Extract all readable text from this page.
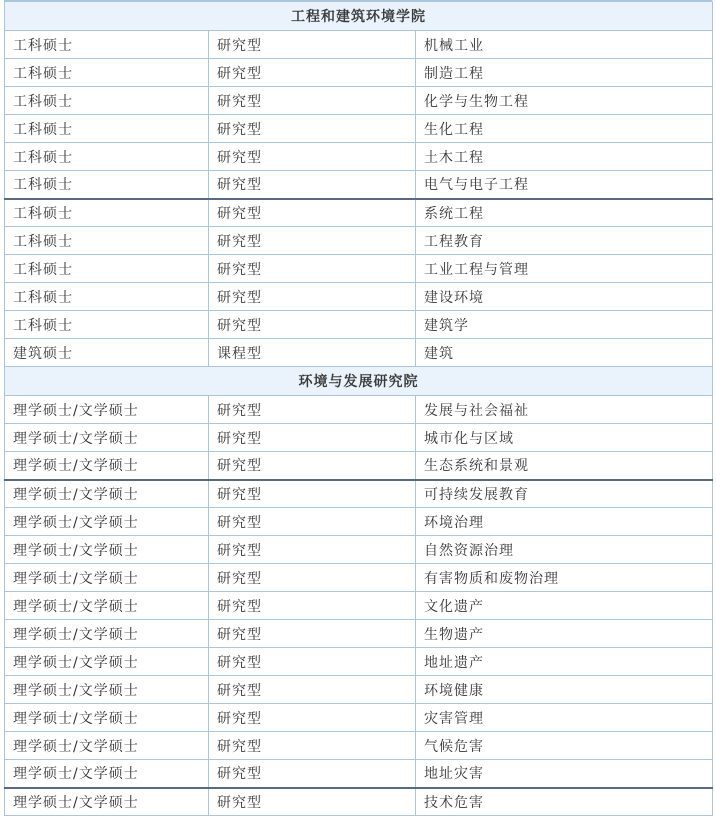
工程和建筑环境学院		
工科硕士	研究型	机械工业
工科硕士	研究型	制造工程
工科硕士	研究型	化学与生物工程
工科硕士	研究型	生化工程
工科硕士	研究型	土木工程
工科硕士	研究型	电气与电子工程
工科硕士	研究型	系统工程
工科硕士	研究型	工程教育
工科硕士	研究型	工业工程与管理
工科硕士	研究型	建设环境
工科硕士	研究型	建筑学
建筑硕士	课程型	建筑
环境与发展研究院		
理学硕士/文学硕士	研究型	发展与社会福祉
理学硕士/文学硕士	研究型	城市化与区域
理学硕士/文学硕士	研究型	生态系统和景观
理学硕士/文学硕士	研究型	可持续发展教育
理学硕士/文学硕士	研究型	环境治理
理学硕士/文学硕士	研究型	自然资源治理
理学硕士/文学硕士	研究型	有害物质和废物治理
理学硕士/文学硕士	研究型	文化遗产
理学硕士/文学硕士	研究型	生物遗产
理学硕士/文学硕士	研究型	地址遗产
理学硕士/文学硕士	研究型	环境健康
理学硕士/文学硕士	研究型	灾害管理
理学硕士/文学硕士	研究型	气候危害
理学硕士/文学硕士	研究型	地址灾害
理学硕士/文学硕士	研究型	技术危害
